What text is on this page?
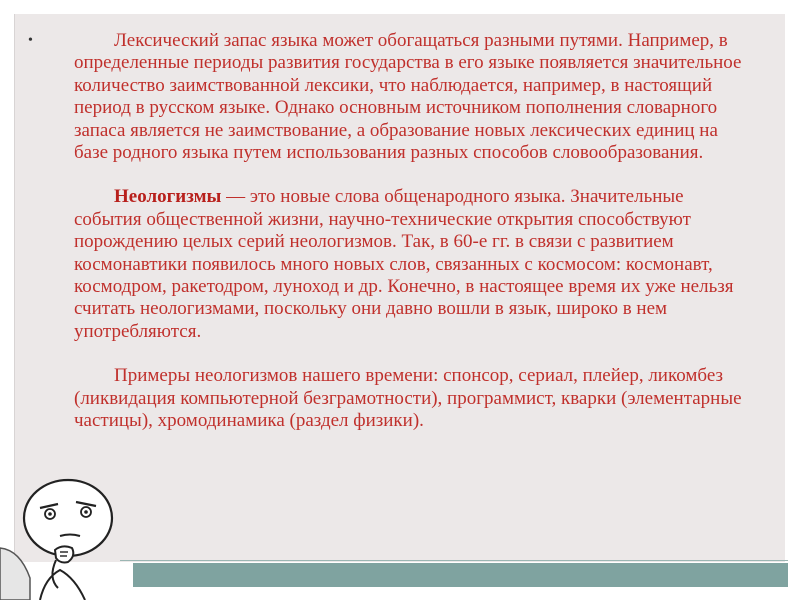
•	Лексический запас языка может обогащаться разными путями. Например, в определенные периоды развития государства в его языке появляется значительное количество заимствованной лексики, что наблюдается, например, в настоящий период в русском языке. Однако основным источником пополнения словарного запаса является не заимствование, а образование новых лексических единиц на базе родного языка путем использования разных способов словообразования.

Неологизмы — это новые слова общенародного языка. Значительные события общественной жизни, научно-технические открытия способствуют порождению целых серий неологизмов. Так, в 60-е гг. в связи с развитием космонавтики появилось много новых слов, связанных с космосом: космонавт, космодром, ракетодром, луноход и др. Конечно, в настоящее время их уже нельзя считать неологизмами, поскольку они давно вошли в язык, широко в нем употребляются.

Примеры неологизмов нашего времени: спонсор, сериал, плейер, ликомбез (ликвидация компьютерной безграмотности), программист, кварки (элементарные частицы), хромодинамика (раздел физики).
